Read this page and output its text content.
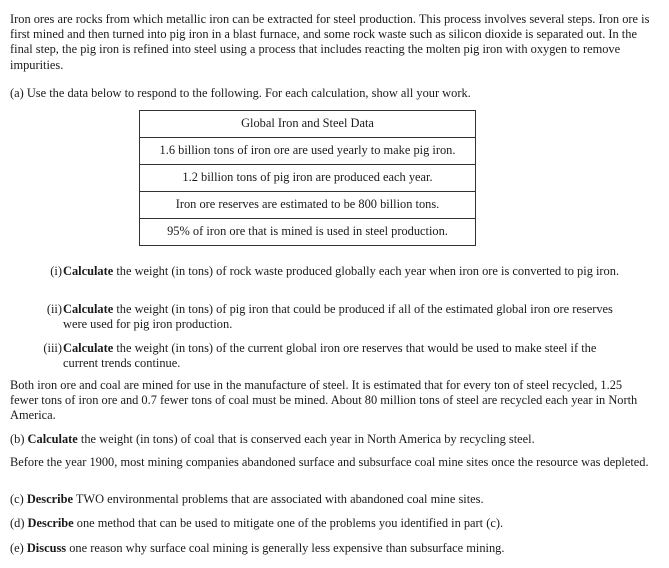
Iron ores are rocks from which metallic iron can be extracted for steel production. This process involves several steps. Iron ore is first mined and then turned into pig iron in a blast furnace, and some rock waste such as silicon dioxide is separated out. In the final step, the pig iron is refined into steel using a process that includes reacting the molten pig iron with oxygen to remove impurities.

(a) Use the data below to respond to the following. For each calculation, show all your work.

Global Iron and Steel Data
1.6 billion tons of iron ore are used yearly to make pig iron.
1.2 billion tons of pig iron are produced each year.
Iron ore reserves are estimated to be 800 billion tons.
95% of iron ore that is mined is used in steel production.
(i) Calculate the weight (in tons) of rock waste produced globally each year when iron ore is converted to pig iron.
(ii) Calculate the weight (in tons) of pig iron that could be produced if all of the estimated global iron ore reserves were used for pig iron production.
(iii) Calculate the weight (in tons) of the current global iron ore reserves that would be used to make steel if the current trends continue.

Both iron ore and coal are mined for use in the manufacture of steel. It is estimated that for every ton of steel recycled, 1.25 fewer tons of iron ore and 0.7 fewer tons of coal must be mined. About 80 million tons of steel are recycled each year in North America.

(b) Calculate the weight (in tons) of coal that is conserved each year in North America by recycling steel.

Before the year 1900, most mining companies abandoned surface and subsurface coal mine sites once the resource was depleted.

(c) Describe TWO environmental problems that are associated with abandoned coal mine sites.

(d) Describe one method that can be used to mitigate one of the problems you identified in part (c).

(e) Discuss one reason why surface coal mining is generally less expensive than subsurface mining.
